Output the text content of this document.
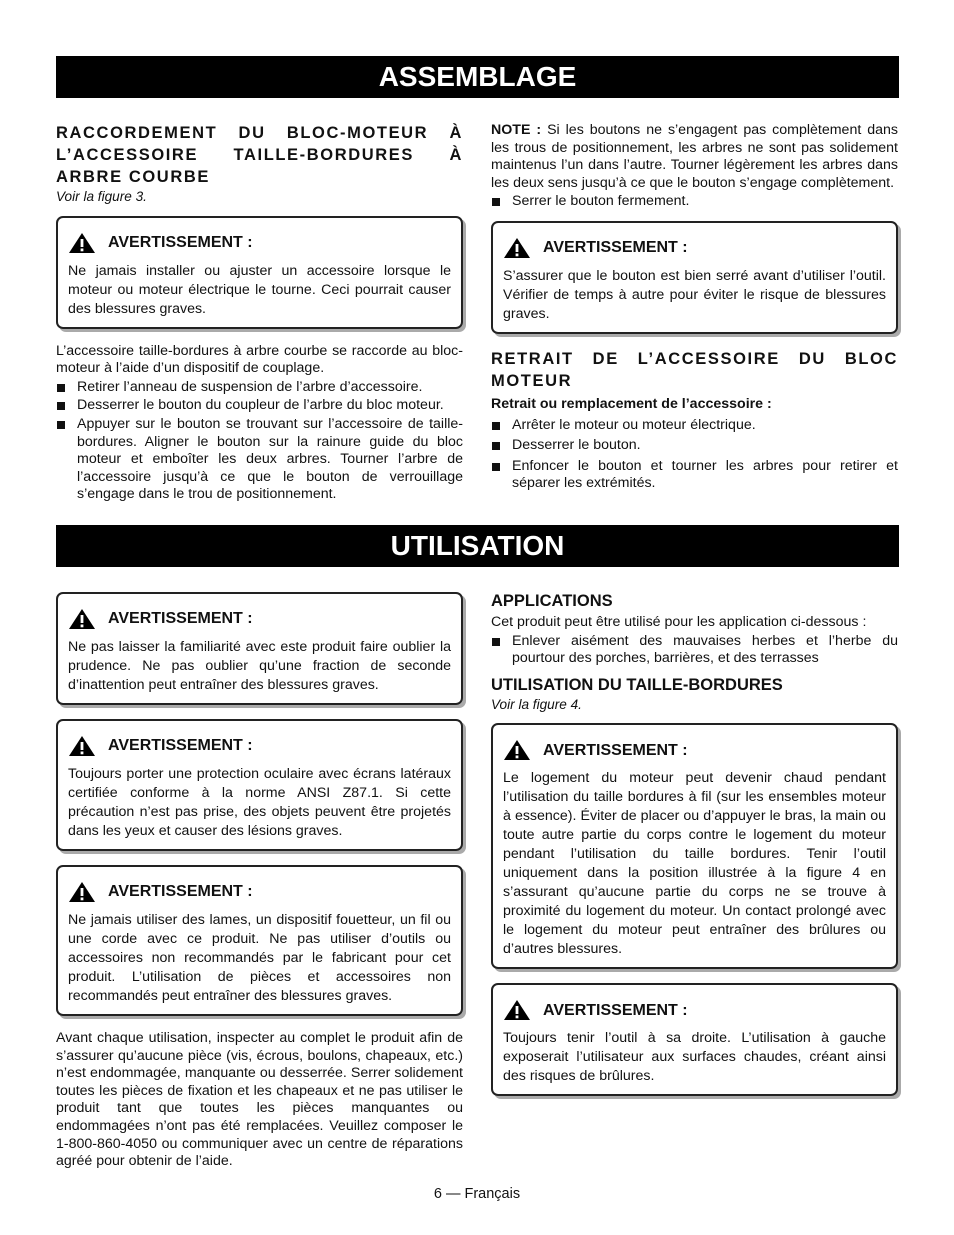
ASSEMBLAGE
RACCORDEMENT DU BLOC-MOTEUR À L’ACCESSOIRE TAILLE-BORDURES À ARBRE COURBE
Voir la figure 3.
AVERTISSEMENT :

Ne jamais installer ou ajuster un accessoire lorsque le moteur ou moteur électrique le tourne. Ceci pourrait causer des blessures graves.

L’accessoire taille-bordures à arbre courbe se raccorde au bloc-moteur à l’aide d’un dispositif de couplage.

Retirer l’anneau de suspension de l’arbre d’accessoire.
Desserrer le bouton du coupleur de l’arbre du bloc moteur.
Appuyer sur le bouton se trouvant sur l’accessoire de taille-bordures. Aligner le bouton sur la rainure guide du bloc moteur et emboîter les deux arbres. Tourner l’arbre de l’accessoire jusqu’à ce que le bouton de verrouillage s’engage dans le trou de positionnement.

NOTE : Si les boutons ne s’engagent pas complètement dans les trous de positionnement, les arbres ne sont pas solidement maintenus l’un dans l’autre. Tourner légèrement les arbres dans les deux sens jusqu’à ce que le bouton s’engage complètement.

Serrer le bouton fermement.
AVERTISSEMENT :

S’assurer que le bouton est bien serré avant d’utiliser l’outil. Vérifier de temps à autre pour éviter le risque de blessures graves.

RETRAIT DE L’ACCESSOIRE DU BLOC MOTEUR
Retrait ou remplacement de l’accessoire :
Arrêter le moteur ou moteur électrique.
Desserrer le bouton.
Enfoncer le bouton et tourner les arbres pour retirer et séparer les extrémités.
UTILISATION
AVERTISSEMENT :

Ne pas laisser la familiarité avec este produit faire oublier la prudence. Ne pas oublier qu’une fraction de seconde d’inattention peut entraîner des blessures graves.

AVERTISSEMENT :

Toujours porter une protection oculaire avec écrans latéraux certifiée conforme à la norme ANSI Z87.1. Si cette précaution n’est pas prise, des objets peuvent être projetés dans les yeux et causer des lésions graves.

AVERTISSEMENT :

Ne jamais utiliser des lames, un dispositif fouetteur, un fil ou une corde avec ce produit. Ne pas utiliser d’outils ou accessoires non recommandés par le fabricant pour cet produit. L’utilisation de pièces et accessoires non recommandés peut entraîner des blessures graves.

Avant chaque utilisation, inspecter au complet le produit afin de s’assurer qu’aucune pièce (vis, écrous, boulons, chapeaux, etc.) n’est endommagée, manquante ou desserrée. Serrer solidement toutes les pièces de fixation et les chapeaux et ne pas utiliser le produit tant que toutes les pièces manquantes ou endommagées n’ont pas été remplacées. Veuillez composer le 1-800-860-4050 ou communiquer avec un centre de réparations agréé pour obtenir de l’aide.

APPLICATIONS

Cet produit peut être utilisé pour les application ci-dessous :

Enlever aisément des mauvaises herbes et l’herbe du pourtour des porches, barrières, et des terrasses
UTILISATION DU TAILLE-BORDURES
Voir la figure 4.
AVERTISSEMENT :

Le logement du moteur peut devenir chaud pendant l’utilisation du taille bordures à fil (sur les ensembles moteur à essence). Éviter de placer ou d’appuyer le bras, la main ou toute autre partie du corps contre le logement du moteur pendant l’utilisation du taille bordures. Tenir l’outil uniquement dans la position illustrée à la figure 4 en s’assurant qu’aucune partie du corps ne se trouve à proximité du logement du moteur. Un contact prolongé avec le logement du moteur peut entraîner des brûlures ou d’autres blessures.

AVERTISSEMENT :

Toujours tenir l’outil à sa droite. L’utilisation à gauche exposerait l’utilisateur aux surfaces chaudes, créant ainsi des risques de brûlures.

6 — Français
